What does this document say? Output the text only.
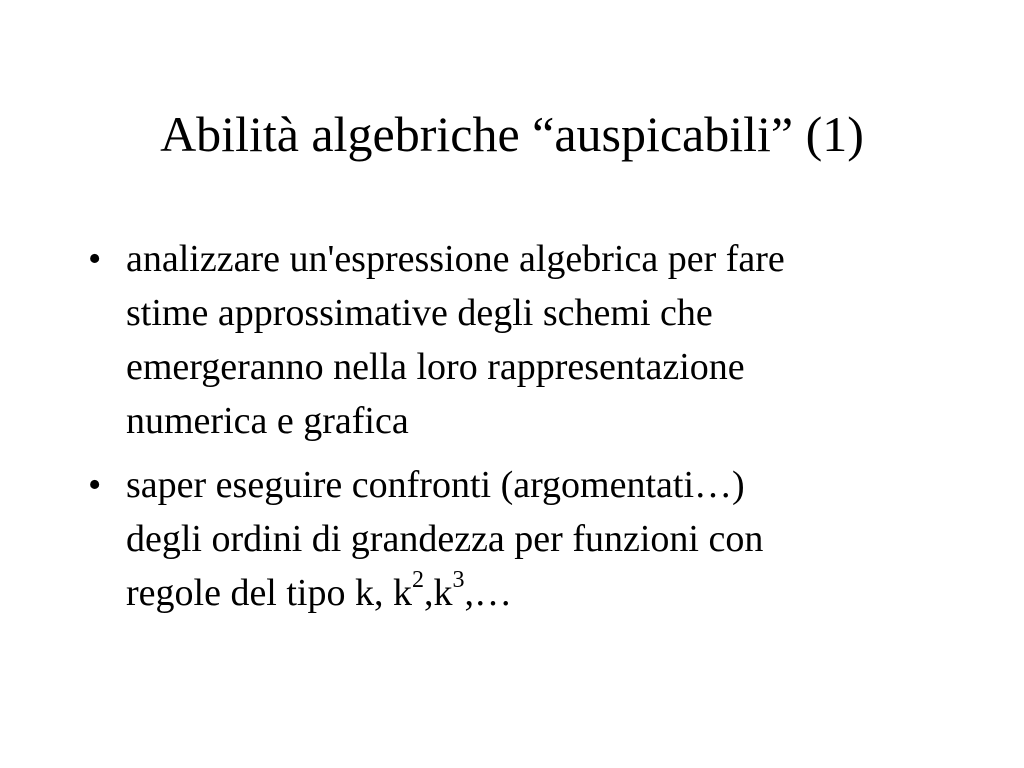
Abilità algebriche “auspicabili” (1)
• analizzare un'espressione algebrica per fare
stime approssimative degli schemi che
emergeranno nella loro rappresentazione
numerica e grafica
• saper eseguire confronti (argomentati…)
degli ordini di grandezza per funzioni con
regole del tipo k, $k^2,k^3,\dots$
